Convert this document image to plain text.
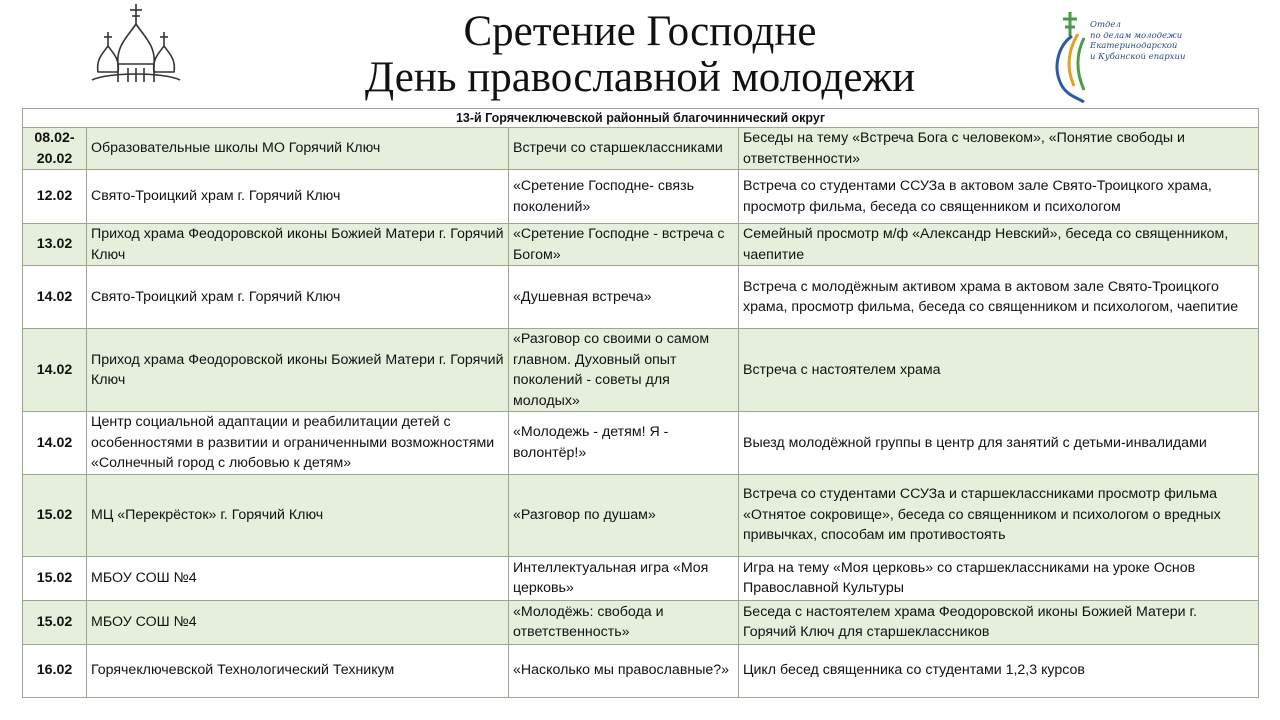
Сретение Господне
День православной молодежи
Отдел
по делам молодежи
Екатеринодарской
и Кубанской епархии
13-й Горячеключевской районный благочиннический округ			
08.02-20.02	Образовательные школы МО Горячий Ключ	Встречи со старшеклассниками	Беседы на тему «Встреча Бога с человеком», «Понятие свободы и ответственности»
12.02	Свято-Троицкий храм г. Горячий Ключ	«Сретение Господне- связь поколений»	Встреча со студентами ССУЗа в актовом зале Свято-Троицкого храма, просмотр фильма, беседа со священником и психологом
13.02	Приход храма Феодоровской иконы Божией Матери г. Горячий Ключ	«Сретение Господне - встреча с Богом»	Семейный просмотр м/ф «Александр Невский», беседа со священником, чаепитие
14.02	Свято-Троицкий храм г. Горячий Ключ	«Душевная встреча»	Встреча с молодёжным активом храма в актовом зале Свято-Троицкого храма, просмотр фильма, беседа со священником и психологом, чаепитие
14.02	Приход храма Феодоровской иконы Божией Матери г. Горячий Ключ	«Разговор со своими о самом главном. Духовный опыт поколений - советы для молодых»	Встреча с настоятелем храма
14.02	Центр социальной адаптации и реабилитации детей с особенностями в развитии и ограниченными возможностями «Солнечный город с любовью к детям»	«Молодежь - детям! Я - волонтёр!»	Выезд молодёжной группы в центр для занятий с детьми-инвалидами
15.02	МЦ «Перекрёсток» г. Горячий Ключ	«Разговор по душам»	Встреча со студентами ССУЗа и старшеклассниками просмотр фильма «Отнятое сокровище», беседа со священником и психологом о вредных привычках, способам им противостоять
15.02	МБОУ СОШ №4	Интеллектуальная игра «Моя церковь»	Игра на тему «Моя церковь» со старшеклассниками на уроке Основ Православной Культуры
15.02	МБОУ СОШ №4	«Молодёжь: свобода и ответственность»	Беседа с настоятелем храма Феодоровской иконы Божией Матери г. Горячий Ключ для старшеклассников
16.02	Горячеключевской Технологический Техникум	«Насколько мы православные?»	Цикл бесед священника со студентами 1,2,3 курсов
